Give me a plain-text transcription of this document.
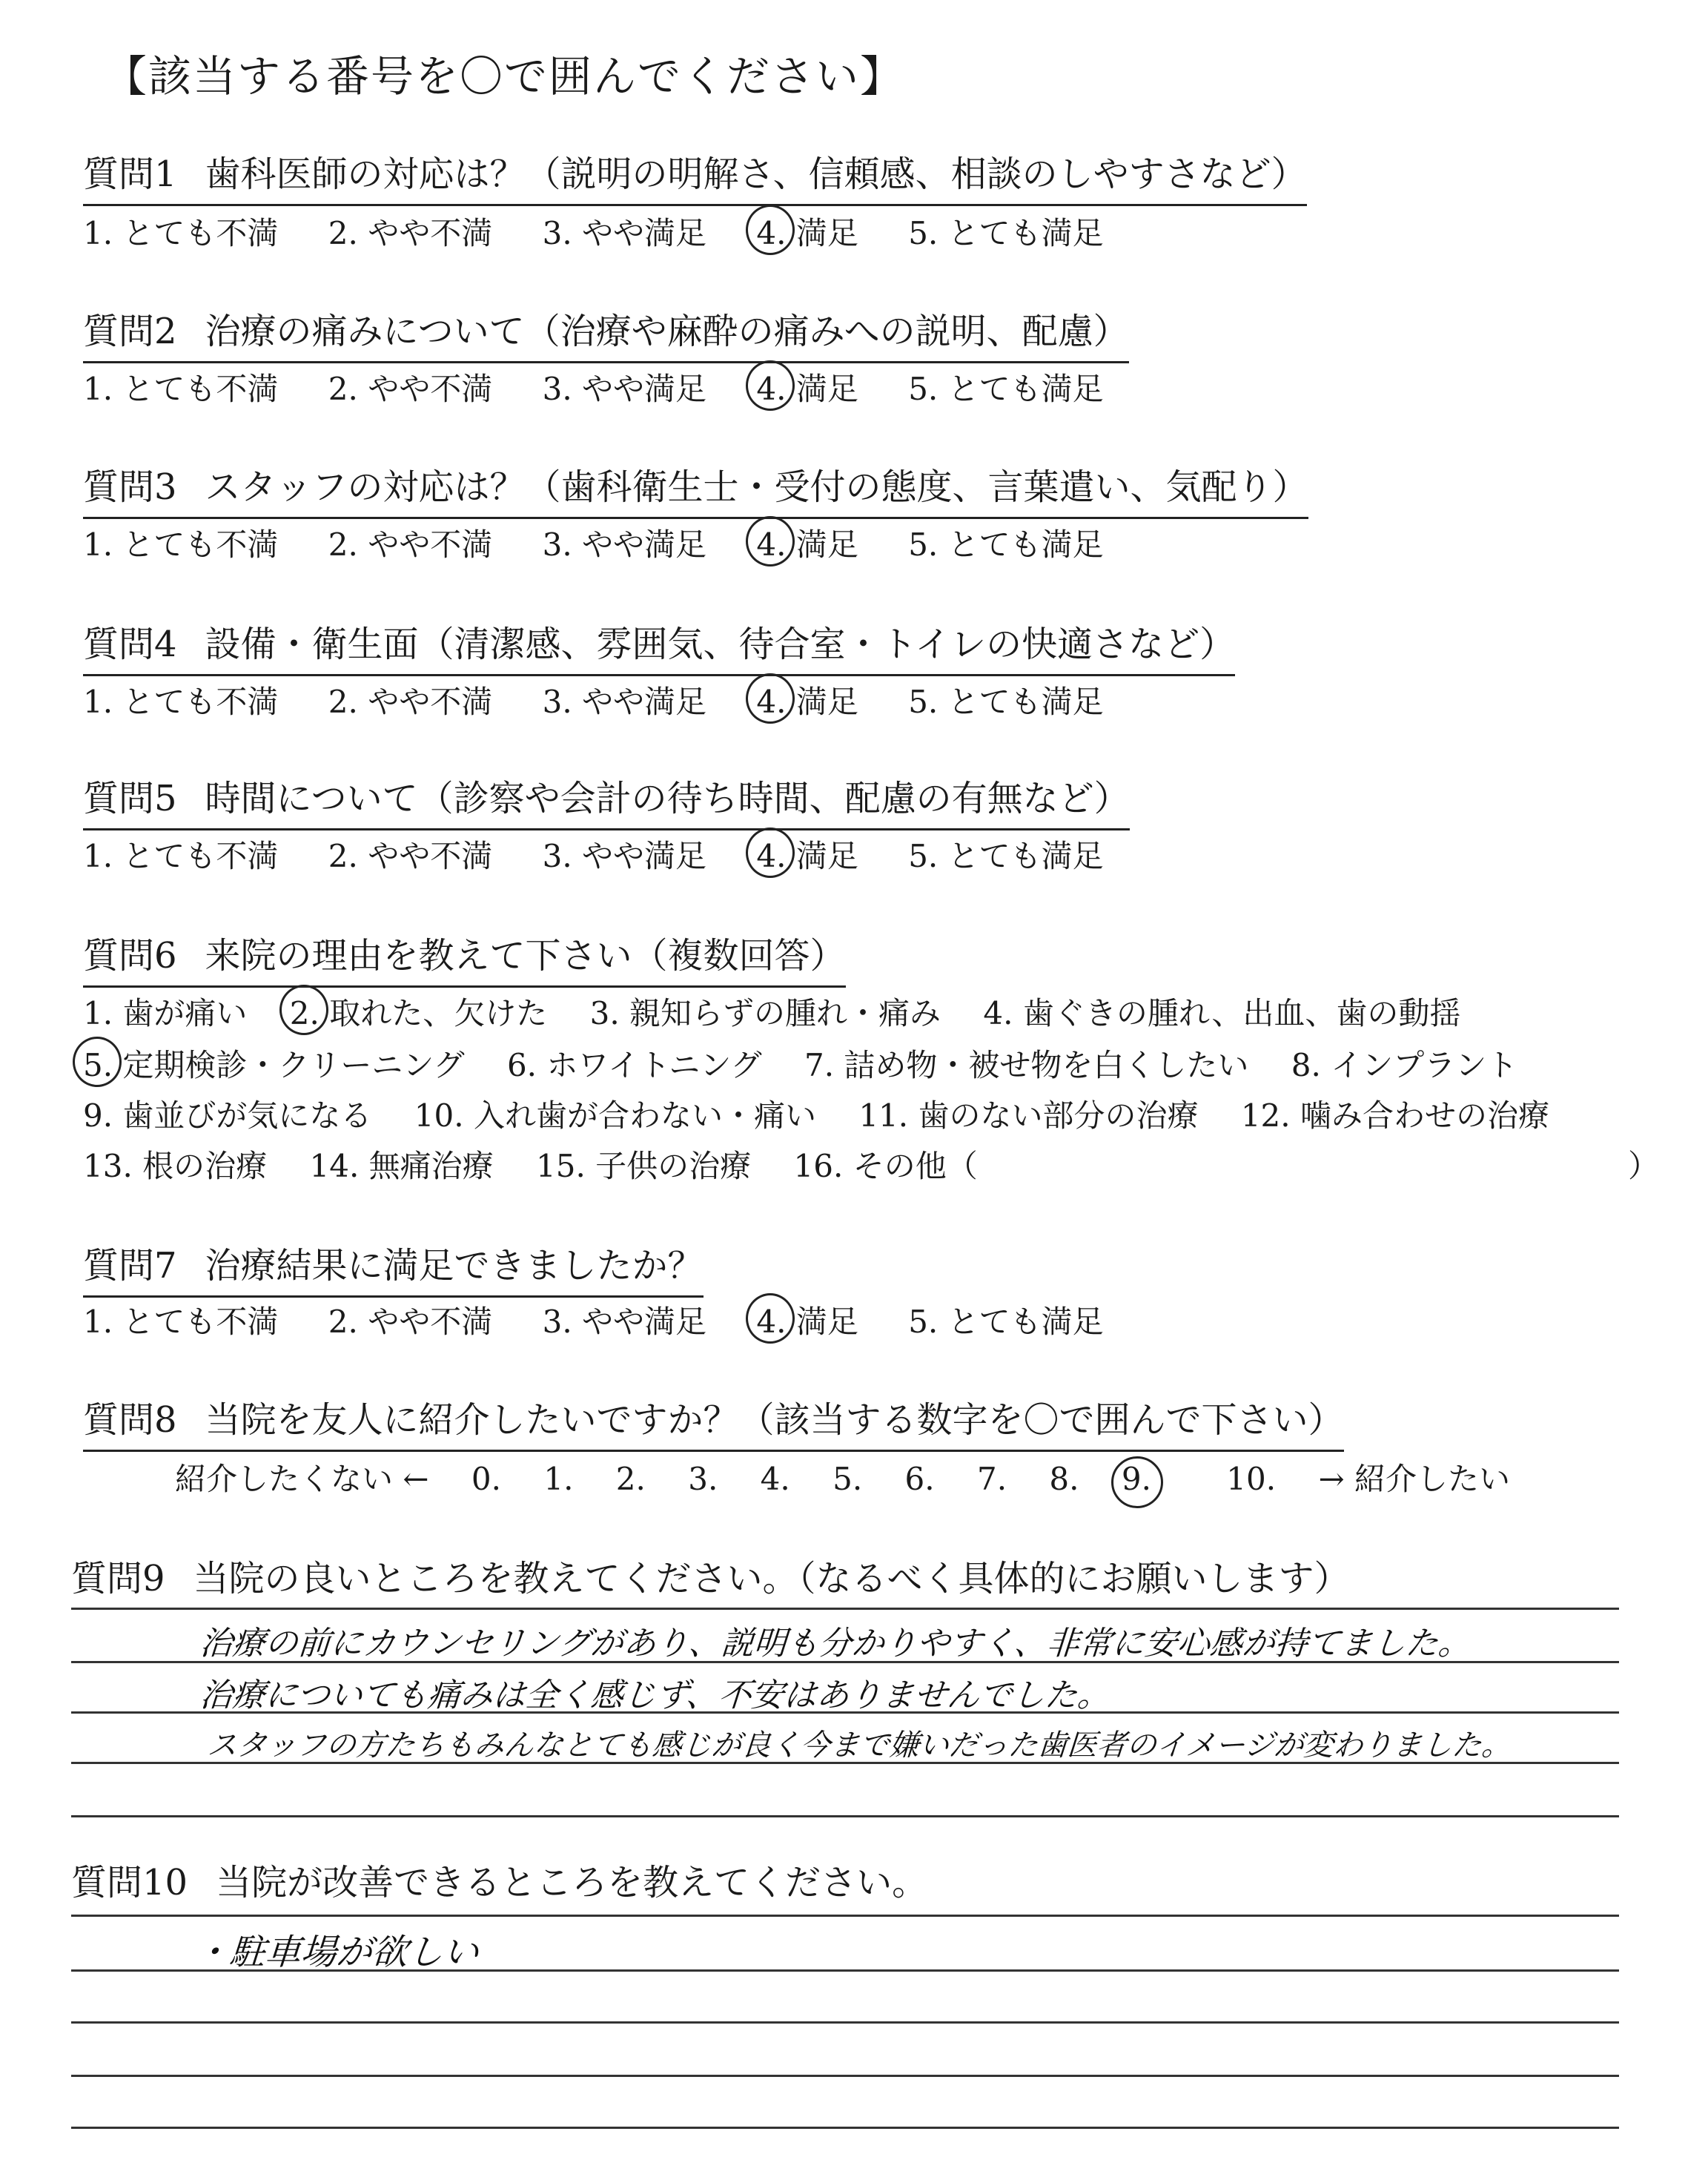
【該当する番号を〇で囲んでください】
質問1 歯科医師の対応は？（説明の明解さ、信頼感、相談のしやすさなど）
1. とても不満 2. やや不満 3. やや満足 4. 満足 5. とても満足
質問2 治療の痛みについて（治療や麻酔の痛みへの説明、配慮）
1. とても不満 2. やや不満 3. やや満足 4. 満足 5. とても満足
質問3 スタッフの対応は？（歯科衛生士・受付の態度、言葉遣い、気配り）
1. とても不満 2. やや不満 3. やや満足 4. 満足 5. とても満足
質問4 設備・衛生面（清潔感、雰囲気、待合室・トイレの快適さなど）
1. とても不満 2. やや不満 3. やや満足 4. 満足 5. とても満足
質問5 時間について（診察や会計の待ち時間、配慮の有無など）
1. とても不満 2. やや不満 3. やや満足 4. 満足 5. とても満足
質問6 来院の理由を教えて下さい（複数回答）
1. 歯が痛い 2. 取れた、欠けた 3. 親知らずの腫れ・痛み 4. 歯ぐきの腫れ、出血、歯の動揺
5. 定期検診・クリーニング 6. ホワイトニング 7. 詰め物・被せ物を白くしたい 8. インプラント
9. 歯並びが気になる 10. 入れ歯が合わない・痛い 11. 歯のない部分の治療 12. 噛み合わせの治療
13. 根の治療 14. 無痛治療 15. 子供の治療 16. その他（	）
質問7 治療結果に満足できましたか？
1. とても不満 2. やや不満 3. やや満足 4. 満足 5. とても満足
質問8 当院を友人に紹介したいですか？（該当する数字を〇で囲んで下さい）
紹介したくない ← 0. 1. 2. 3. 4. 5. 6. 7. 8. 9. 10. → 紹介したい
質問9 当院の良いところを教えてください。（なるべく具体的にお願いします）
治療の前にカウンセリングがあり、説明も分かりやすく、非常に安心感が持てました。
治療についても痛みは全く感じず、不安はありませんでした。
スタッフの方たちもみんなとても感じが良く今まで嫌いだった歯医者のイメージが変わりました。
質問10 当院が改善できるところを教えてください。
・駐車場が欲しい
